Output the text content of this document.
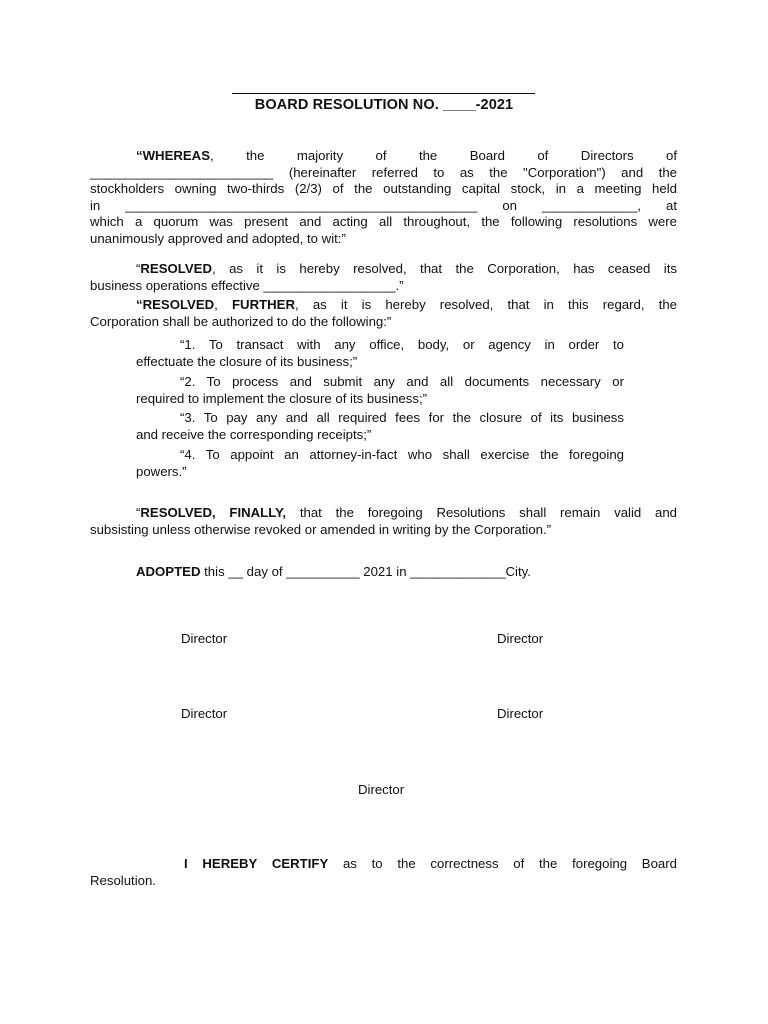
BOARD RESOLUTION NO. ____-2021
“WHEREAS, the majority of the Board of Directors of
_________________________ (hereinafter referred to as the "Corporation") and the
stockholders owning two-thirds (2/3) of the outstanding capital stock, in a meeting held
in ________________________________________________ on _____________, at
which a quorum was present and acting all throughout, the following resolutions were
unanimously approved and adopted, to wit:”
“RESOLVED, as it is hereby resolved, that the Corporation, has ceased its
business operations effective __________________.”
“RESOLVED, FURTHER, as it is hereby resolved, that in this regard, the
Corporation shall be authorized to do the following:”
“1. To transact with any office, body, or agency in order to
effectuate the closure of its business;”
“2. To process and submit any and all documents necessary or
required to implement the closure of its business;”
“3. To pay any and all required fees for the closure of its business
and receive the corresponding receipts;”
“4. To appoint an attorney-in-fact who shall exercise the foregoing
powers.”
“RESOLVED, FINALLY, that the foregoing Resolutions shall remain valid and
subsisting unless otherwise revoked or amended in writing by the Corporation.”
ADOPTED this __ day of __________ 2021 in _____________City.
Director	Director
Director	Director
Director
I HEREBY CERTIFY as to the correctness of the foregoing Board
Resolution.
